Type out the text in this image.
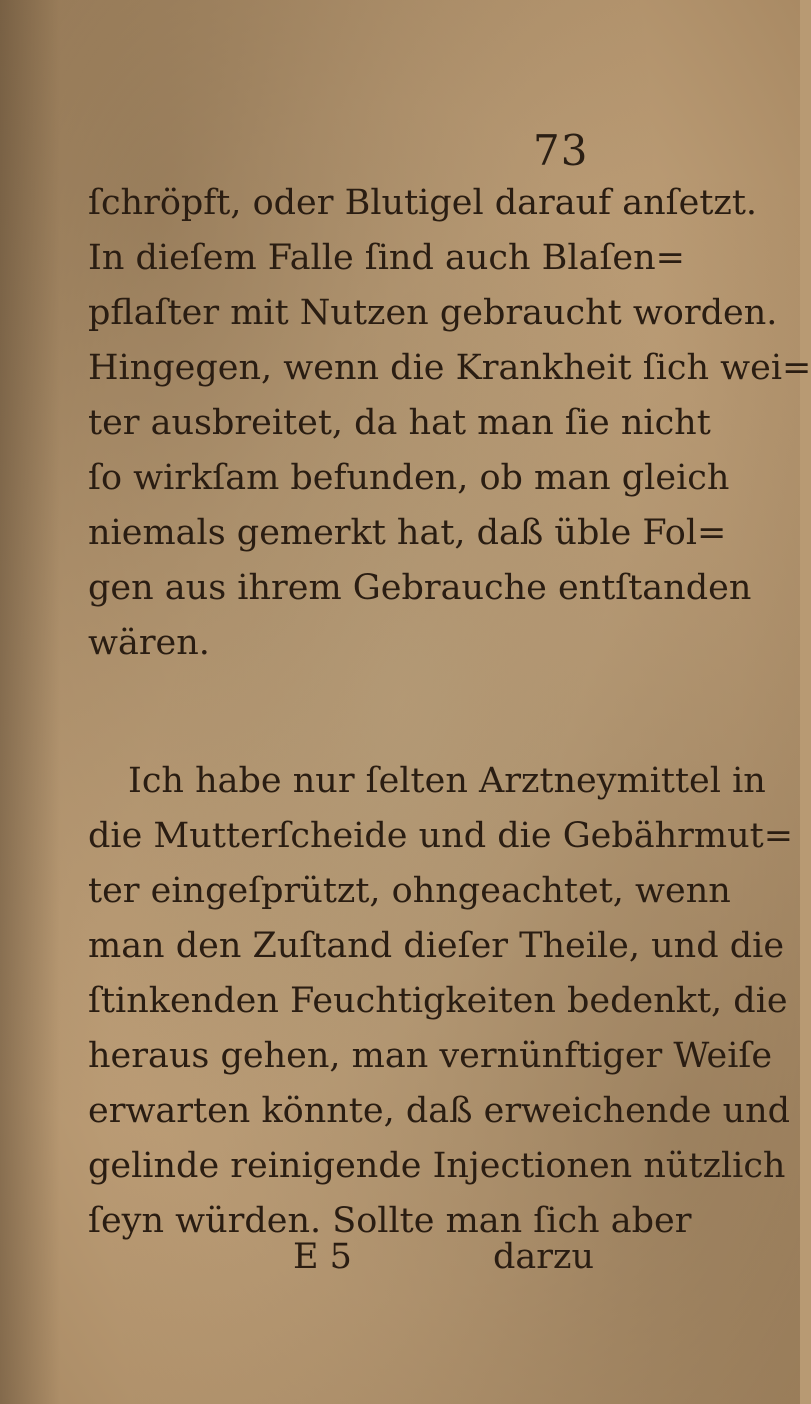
73
ſchröpft, oder Blutigel darauf anſetzt.
In dieſem Falle ſind auch Blaſen=
pflaſter mit Nutzen gebraucht worden.
Hingegen, wenn die Krankheit ſich wei=
ter ausbreitet, da hat man ſie nicht
ſo wirkſam befunden, ob man gleich
niemals gemerkt hat, daß üble Fol=
gen aus ihrem Gebrauche entſtanden
wären.
Ich habe nur ſelten Arztneymittel in
die Mutterſcheide und die Gebährmut=
ter eingeſprützt, ohngeachtet, wenn
man den Zuſtand dieſer Theile, und die
ſtinkenden Feuchtigkeiten bedenkt, die
heraus gehen, man vernünftiger Weiſe
erwarten könnte, daß erweichende und
gelinde reinigende Injectionen nützlich
ſeyn würden. Sollte man ſich aber
E 5	darzu
